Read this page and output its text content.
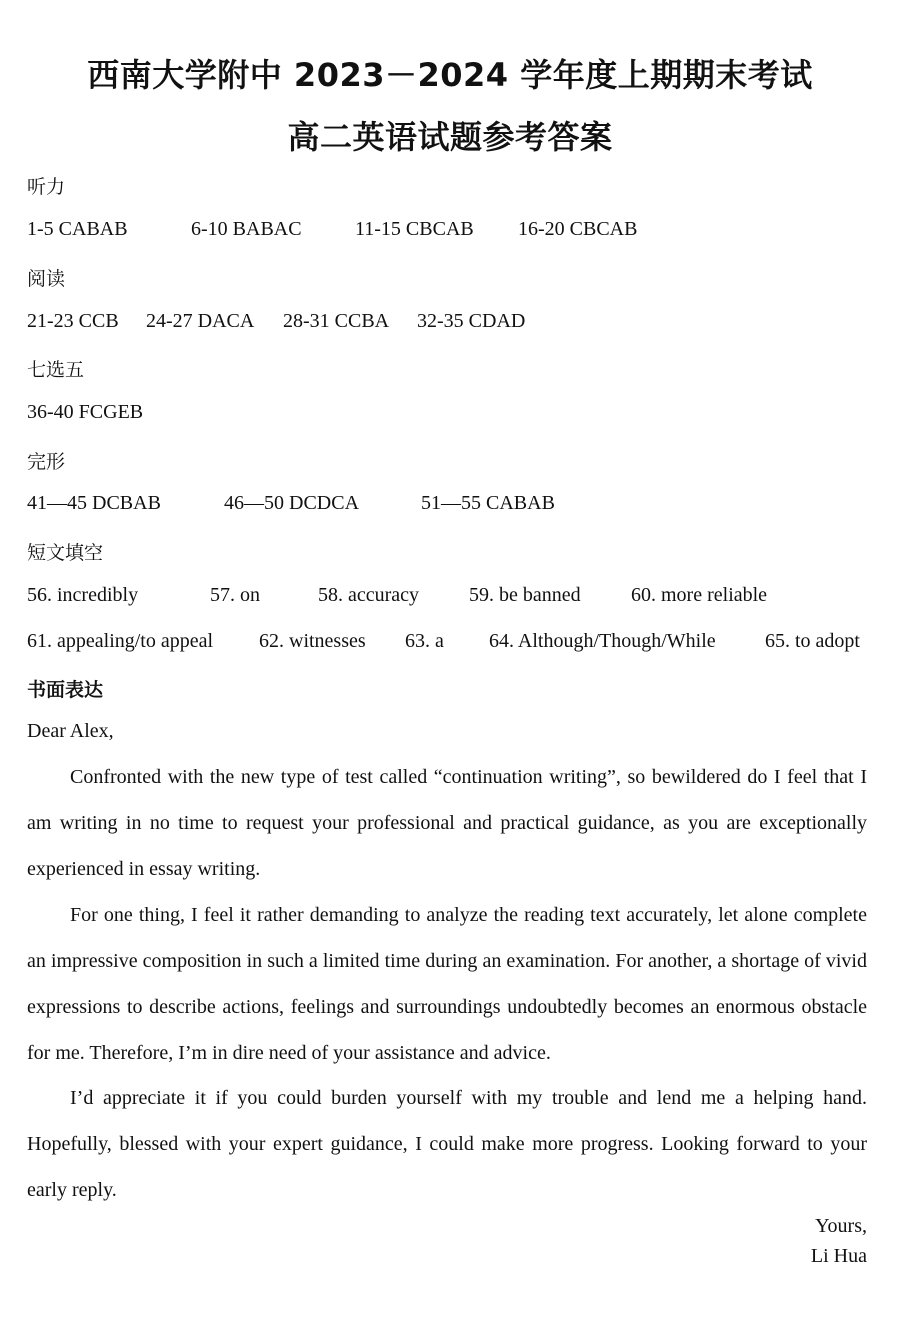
西南大学附中 2023－2024 学年度上期期末考试
高二英语试题参考答案
听力
1-5 CABAB	6-10 BABAC	11-15 CBCAB 16-20 CBCAB
阅读
21-23 CCB 24-27 DACA 28-31 CCBA 32-35 CDAD
七选五
36-40 FCGEB
完形
41—45 DCBAB	46—50 DCDCA	51—55 CABAB
短文填空
56. incredibly	57. on	58. accuracy 59. be banned	60. more reliable
61. appealing/to appeal 62. witnesses 63. a 64. Although/Though/While 65. to adopt
书面表达
Dear Alex,

Confronted with the new type of test called “continuation writing”, so bewildered do I feel that I am writing in no time to request your professional and practical guidance, as you are exceptionally experienced in essay writing.

For one thing, I feel it rather demanding to analyze the reading text accurately, let alone complete an impressive composition in such a limited time during an examination. For another, a shortage of vivid expressions to describe actions, feelings and surroundings undoubtedly becomes an enormous obstacle for me. Therefore, I’m in dire need of your assistance and advice.

I’d appreciate it if you could burden yourself with my trouble and lend me a helping hand. Hopefully, blessed with your expert guidance, I could make more progress. Looking forward to your early reply.

Yours,
Li Hua
